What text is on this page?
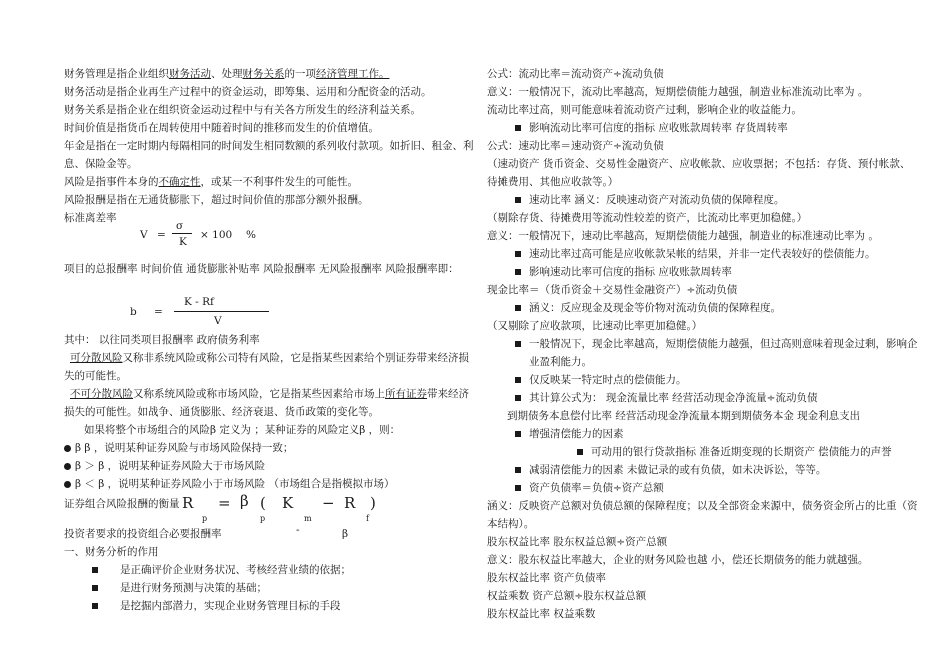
财务管理是指企业组织财务活动、处理财务关系的一项经济管理工作。
财务活动是指企业再生产过程中的资金运动，即筹集、运用和分配资金的活动。
财务关系是指企业在组织资金运动过程中与有关各方所发生的经济利益关系。
时间价值是指货币在周转使用中随着时间的推移而发生的价值增值。
年金是指在一定时期内每隔相同的时间发生相同数额的系列收付款项。如折旧、租金、利
息、保险金等。
风险是指事件本身的不确定性，或某一不利事件发生的可能性。
风险报酬是指在无通货膨胀下，超过时间价值的那部分额外报酬。
标准离差率
V =
σ
K
× 100 %
项目的总报酬率 时间价值 通货膨胀补贴率 风险报酬率 无风险报酬率 风险报酬率即：
b =
K - Rf
V
其中： 以往同类项目报酬率 政府债务利率
可分散风险又称非系统风险或称公司特有风险，它是指某些因素给个别证券带来经济损
失的可能性。
不可分散风险又称系统风险或称市场风险，它是指某些因素给市场上所有证券带来经济
损失的可能性。如战争、通货膨胀、经济衰退、货币政策的变化等。
如果将整个市场组合的风险β 定义为 ；某种证券的风险定义β ，则：
β β ，说明某种证券风险与市场风险保持一致；
β ＞ β ，说明某种证券风险大于市场风险
β ＜ β ，说明某种证券风险小于市场风险 （市场组合是指模拟市场）
证券组合风险报酬的衡量 R
p
= β
p
( K
m
− R
f
)
投资者要求的投资组合必要报酬率	-	β
一、财务分析的作用
是正确评价企业财务状况、考核经营业绩的依据；
是进行财务预测与决策的基础；
是挖掘内部潜力，实现企业财务管理目标的手段
公式：流动比率＝流动资产÷流动负债
意义：一般情况下，流动比率越高，短期偿债能力越强，制造业标准流动比率为 。
流动比率过高，则可能意味着流动资产过剩，影响企业的收益能力。
影响流动比率可信度的指标 应收账款周转率 存货周转率
公式：速动比率＝速动资产÷流动负债
（速动资产 货币资金、交易性金融资产、应收帐款、应收票据；不包括：存货、预付帐款、
待摊费用、其他应收款等。）
速动比率 涵义：反映速动资产对流动负债的保障程度。
（剔除存货、待摊费用等流动性较差的资产，比流动比率更加稳健。）
意义：一般情况下，速动比率越高，短期偿债能力越强，制造业的标准速动比率为 。
速动比率过高可能是应收帐款呆帐的结果，并非一定代表较好的偿债能力。
影响速动比率可信度的指标 应收账款周转率
现金比率＝（货币资金＋交易性金融资产）÷流动负债
涵义：反应现金及现金等价物对流动负债的保障程度。
（又剔除了应收款项，比速动比率更加稳健。）
一般情况下，现金比率越高，短期偿债能力越强，但过高则意味着现金过剩，影响企
业盈利能力。
仅反映某一特定时点的偿债能力。
其计算公式为： 现金流量比率 经营活动现金净流量÷流动负债
到期债务本息偿付比率 经营活动现金净流量本期到期债务本金 现金利息支出
增强清偿能力的因素
可动用的银行贷款指标 准备近期变现的长期资产 偿债能力的声誉
减弱清偿能力的因素 未做记录的或有负债，如未决诉讼，等等。
资产负债率＝负债÷资产总额
涵义：反映资产总额对负债总额的保障程度；以及全部资金来源中，债务资金所占的比重（资
本结构）。
股东权益比率 股东权益总额÷资产总额
意义：股东权益比率越大，企业的财务风险也越 小，偿还长期债务的能力就越强。
股东权益比率 资产负债率
权益乘数 资产总额÷股东权益总额
股东权益比率 权益乘数
